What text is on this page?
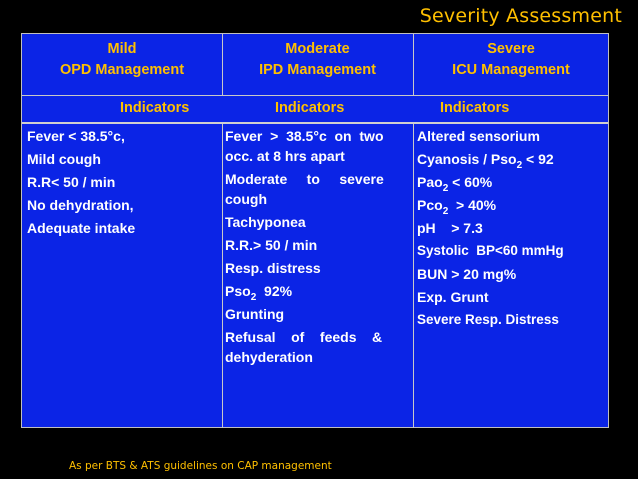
Severity Assessment
Mild
OPD Management
Moderate
IPD Management
Severe
ICU Management
Indicators	Indicators	Indicators
Fever < 38.5°c,
Mild cough
R.R< 50 / min
No dehydration,
Adequate intake
Fever  >  38.5°c  on  two
occ. at 8 hrs apart
Moderate     to     severe
cough
Tachyponea
R.R.> 50 / min
Resp. distress
Pso$_2$  92%
Grunting
Refusal    of    feeds    &
dehyderation
Altered sensorium
Cyanosis / Pso$_2$ < 92
Pao$_2$ < 60%
Pco$_2$  > 40%
pH    > 7.3
Systolic  BP<60 mmHg
BUN > 20 mg%
Exp. Grunt
Severe Resp. Distress
As per BTS & ATS guidelines on CAP management
